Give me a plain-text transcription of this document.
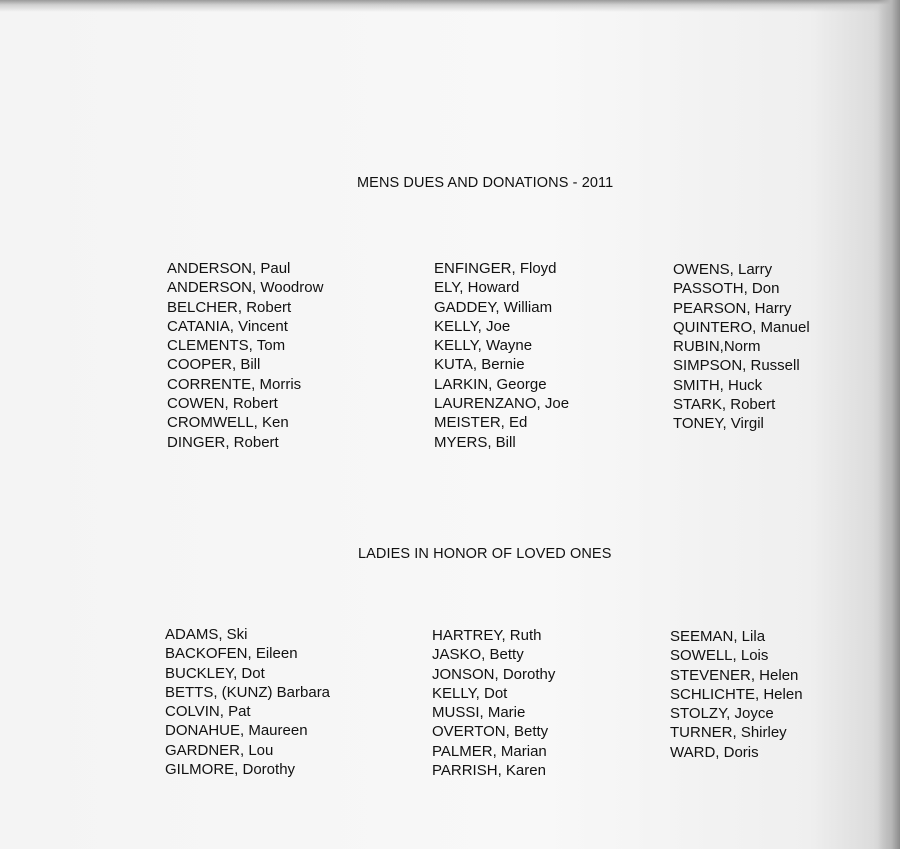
MENS DUES AND DONATIONS - 2011
ANDERSON, Paul
ANDERSON, Woodrow
BELCHER, Robert
CATANIA, Vincent
CLEMENTS, Tom
COOPER, Bill
CORRENTE, Morris
COWEN, Robert
CROMWELL, Ken
DINGER, Robert
ENFINGER, Floyd
ELY, Howard
GADDEY, William
KELLY, Joe
KELLY, Wayne
KUTA, Bernie
LARKIN, George
LAURENZANO, Joe
MEISTER, Ed
MYERS, Bill
OWENS, Larry
PASSOTH, Don
PEARSON, Harry
QUINTERO, Manuel
RUBIN,Norm
SIMPSON, Russell
SMITH, Huck
STARK, Robert
TONEY, Virgil
LADIES IN HONOR OF LOVED ONES
ADAMS, Ski
BACKOFEN, Eileen
BUCKLEY, Dot
BETTS, (KUNZ) Barbara
COLVIN, Pat
DONAHUE, Maureen
GARDNER, Lou
GILMORE, Dorothy
HARTREY, Ruth
JASKO, Betty
JONSON, Dorothy
KELLY, Dot
MUSSI, Marie
OVERTON, Betty
PALMER, Marian
PARRISH, Karen
SEEMAN, Lila
SOWELL, Lois
STEVENER, Helen
SCHLICHTE, Helen
STOLZY, Joyce
TURNER, Shirley
WARD, Doris
